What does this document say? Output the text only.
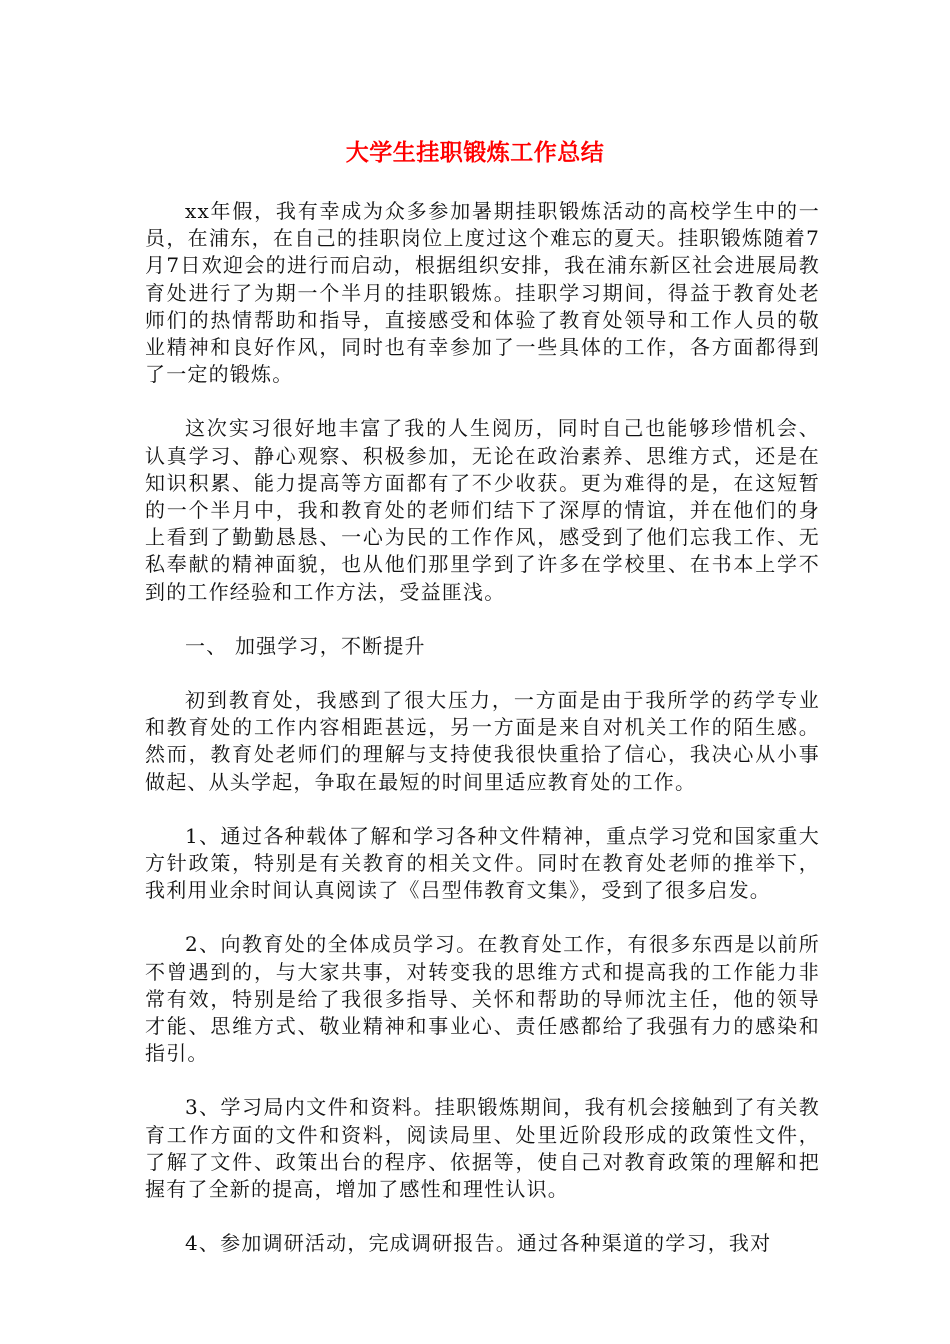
大学生挂职锻炼工作总结

xx年假，我有幸成为众多参加暑期挂职锻炼活动的高校学生中的一员，在浦东，在自己的挂职岗位上度过这个难忘的夏天。挂职锻炼随着7月7日欢迎会的进行而启动，根据组织安排，我在浦东新区社会进展局教育处进行了为期一个半月的挂职锻炼。挂职学习期间，得益于教育处老师们的热情帮助和指导，直接感受和体验了教育处领导和工作人员的敬业精神和良好作风，同时也有幸参加了一些具体的工作，各方面都得到了一定的锻炼。

这次实习很好地丰富了我的人生阅历，同时自己也能够珍惜机会、认真学习、静心观察、积极参加，无论在政治素养、思维方式，还是在知识积累、能力提高等方面都有了不少收获。更为难得的是，在这短暂的一个半月中，我和教育处的老师们结下了深厚的情谊，并在他们的身上看到了勤勤恳恳、一心为民的工作作风，感受到了他们忘我工作、无私奉献的精神面貌，也从他们那里学到了许多在学校里、在书本上学不到的工作经验和工作方法，受益匪浅。

一、 加强学习，不断提升

初到教育处，我感到了很大压力，一方面是由于我所学的药学专业和教育处的工作内容相距甚远，另一方面是来自对机关工作的陌生感。然而，教育处老师们的理解与支持使我很快重拾了信心，我决心从小事做起、从头学起，争取在最短的时间里适应教育处的工作。

1、通过各种载体了解和学习各种文件精神，重点学习党和国家重大方针政策，特别是有关教育的相关文件。同时在教育处老师的推举下，我利用业余时间认真阅读了《吕型伟教育文集》，受到了很多启发。

2、向教育处的全体成员学习。在教育处工作，有很多东西是以前所不曾遇到的，与大家共事，对转变我的思维方式和提高我的工作能力非常有效，特别是给了我很多指导、关怀和帮助的导师沈主任，他的领导才能、思维方式、敬业精神和事业心、责任感都给了我强有力的感染和指引。

3、学习局内文件和资料。挂职锻炼期间，我有机会接触到了有关教育工作方面的文件和资料，阅读局里、处里近阶段形成的政策性文件，了解了文件、政策出台的程序、依据等，使自己对教育政策的理解和把握有了全新的提高，增加了感性和理性认识。

4、参加调研活动，完成调研报告。通过各种渠道的学习，我对
